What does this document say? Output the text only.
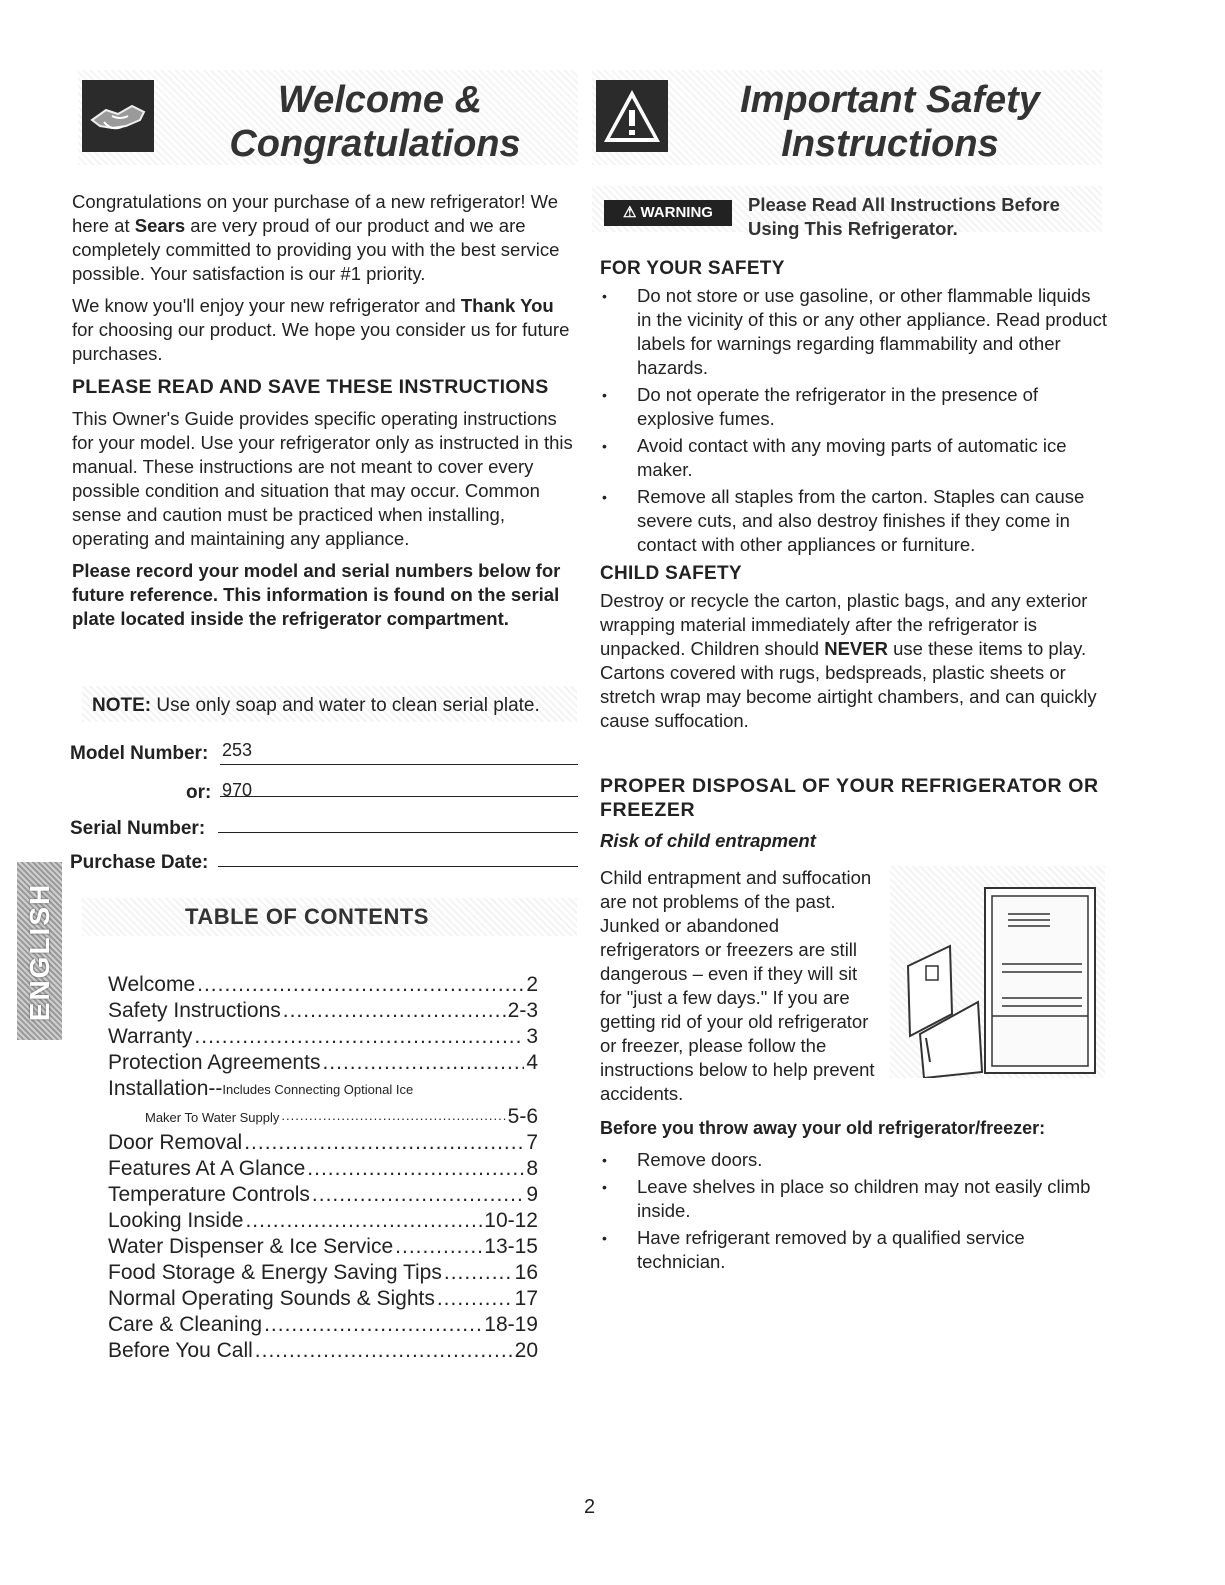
Welcome &
Congratulations
Important Safety
Instructions

Congratulations on your purchase of a new refrigerator! We here at Sears are very proud of our product and we are completely committed to providing you with the best service possible. Your satisfaction is our #1 priority.

We know you'll enjoy your new refrigerator and Thank You for choosing our product. We hope you consider us for future purchases.

PLEASE READ AND SAVE THESE INSTRUCTIONS

This Owner's Guide provides specific operating instructions for your model. Use your refrigerator only as instructed in this manual. These instructions are not meant to cover every possible condition and situation that may occur. Common sense and caution must be practiced when installing, operating and maintaining any appliance.

Please record your model and serial numbers below for future reference. This information is found on the serial plate located inside the refrigerator compartment.

NOTE: Use only soap and water to clean serial plate.
Model Number: 253
or: 970
Serial Number:
Purchase Date:
ENGLISH	TABLE OF CONTENTS
Welcome .....	2
Safety Instructions .....	2-3
Warranty .....	3
Protection Agreements .....	4
Installation-- Includes Connecting Optional Ice
Maker To Water Supply .....	5-6
Door Removal .....	7
Features At A Glance .....	8
Temperature Controls .....	9
Looking Inside .....	10-12
Water Dispenser & Ice Service .....	13-15
Food Storage & Energy Saving Tips .....	16
Normal Operating Sounds & Sights .....	17
Care & Cleaning .....	18-19
Before You Call .....	20
⚠ WARNING Please Read All Instructions Before
Using This Refrigerator.
FOR YOUR SAFETY
• Do not store or use gasoline, or other flammable liquids in the vicinity of this or any other appliance. Read product labels for warnings regarding flammability and other hazards.
• Do not operate the refrigerator in the presence of explosive fumes.
• Avoid contact with any moving parts of automatic ice maker.
• Remove all staples from the carton. Staples can cause severe cuts, and also destroy finishes if they come in contact with other appliances or furniture.
CHILD SAFETY

Destroy or recycle the carton, plastic bags, and any exterior wrapping material immediately after the refrigerator is unpacked. Children should NEVER use these items to play. Cartons covered with rugs, bedspreads, plastic sheets or stretch wrap may become airtight chambers, and can quickly cause suffocation.

PROPER DISPOSAL OF YOUR REFRIGERATOR OR FREEZER
Risk of child entrapment
Child entrapment and suffocation are not problems of the past. Junked or abandoned refrigerators or freezers are still dangerous – even if they will sit for "just a few days." If you are getting rid of your old refrigerator or freezer, please follow the instructions below to help prevent accidents.
Before you throw away your old refrigerator/freezer:
• Remove doors.
• Leave shelves in place so children may not easily climb inside.
• Have refrigerant removed by a qualified service technician.
2
